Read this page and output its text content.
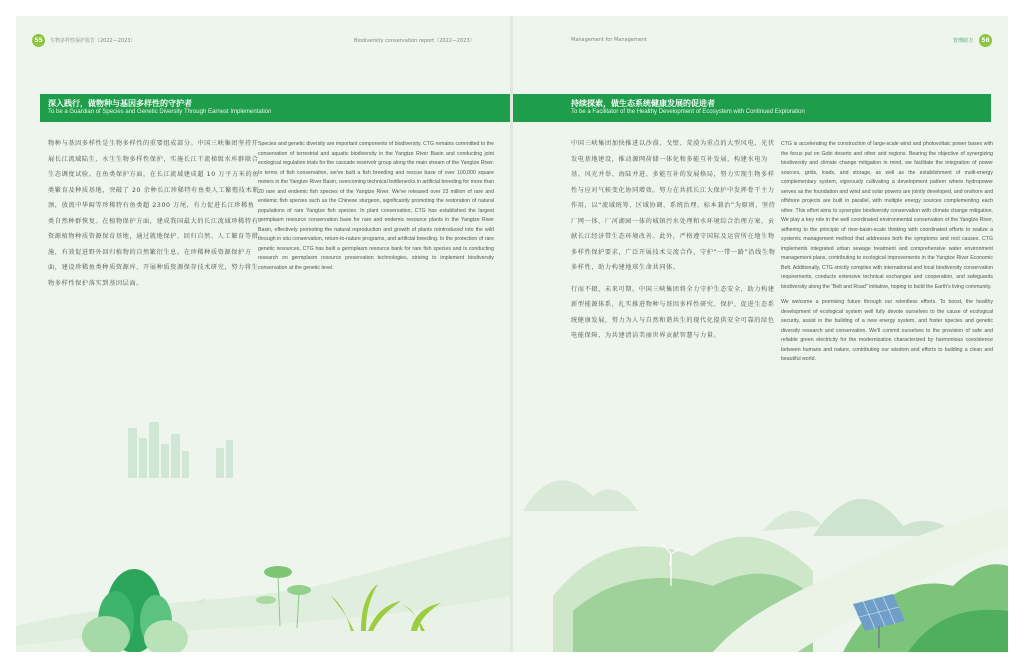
55	生物多样性保护报告（2022—2023）	Biodiversity conservation report（2022—2023）

物种与基因多样性是生物多样性的重要组成部分。中国三峡集团坚持开展长江流域陆生、水生生物多样性保护，实施长江干流梯级水库群联合生态调度试验。在鱼类保护方面，在长江流域建成超 10 万平方米的鱼类繁育及种质基地，突破了 20 余种长江珍稀特有鱼类人工繁殖技术瓶颈，放流中华鲟等珍稀特有鱼类超 2300 万尾，有力促进长江珍稀鱼类自然种群恢复。在植物保护方面，建成我国最大的长江流域珍稀特有资源植物种质资源保育基地，通过就地保护、回归自然、人工繁育等措施，有效促进野外回归植物的自然繁衍生息。在珍稀种质资源保护方面，建设珍稀鱼类种质资源库，开展种质资源保存技术研究，努力将生物多样性保护落实到基因层面。

Species and genetic diversity are important components of biodiversity. CTG remains committed to the conservation of terrestrial and aquatic biodiversity in the Yangtze River Basin and conducting joint ecological regulation trials for the cascade reservoir group along the main stream of the Yangtze River. In terms of fish conservation, we've built a fish breeding and rescue base of over 100,000 square meters in the Yangtze River Basin, overcoming technical bottlenecks in artificial breeding for more than 20 rare and endemic fish species of the Yangtze River. We've released over 23 million of rare and endemic fish species such as the Chinese sturgeon, significantly promoting the restoration of natural populations of rare Yangtze fish species. In plant conservation, CTG has established the largest germplasm resource conservation base for rare and endemic resource plants in the Yangtze River Basin, effectively promoting the natural reproduction and growth of plants reintroduced into the wild through in situ conservation, return-to-nature programs, and artificial breeding. In the protection of rare genetic resources, CTG has built a germplasm resource bank for rare fish species and is conducting research on germplasm resource preservation technologies, striving to implement biodiversity conservation at the genetic level.

深入践行，做物种与基因多样性的守护者
To be a Guardian of Species and Genetic Diversity Through Earnest Implementation
Management for Management	管理助力	56

中国三峡集团加快推进以沙漠、戈壁、荒漠为重点的大型风电、光伏发电基地建设，推动源网荷储一体化和多能互补发展，构建水电为基、风光并举、海陆并进、多能互补的发展格局，努力实现生物多样性与应对气候变化协同增效。努力在共抓长江大保护中发挥骨干主力作用，以“流域统筹、区域协调、系统治理、标本兼治”为原则，坚持厂网一体、厂河湖园一体的城镇污水处理和水环境综合治理方案，贡献长江经济带生态环境改善。此外，严格遵守国际及运营所在地生物多样性保护要求，广泛开展技术交流合作，守护“一带一路”沿线生物多样性，助力构建地球生命共同体。

行而不辍，未来可期。中国三峡集团将全力守护生态安全，助力构建新型能源体系，扎实推进物种与基因多样性研究、保护，促进生态系统健康发展，努力为人与自然和谐共生的现代化提供安全可靠的绿色电能保障，为共建清洁美丽世界贡献智慧与力量。

CTG is accelerating the construction of large-scale wind and photovoltaic power bases with the focus put on Gobi deserts and other arid regions. Bearing the objective of synergizing biodiversity and climate change mitigation in mind, we facilitate the integration of power sources, grids, loads, and storage, as well as the establishment of multi-energy complementary system, vigorously cultivating a development pattern where hydropower serves as the foundation and wind and solar powers are jointly developed, and onshore and offshore projects are built in parallel, with multiple energy sources complementing each other. This effort aims to synergize biodiversity conservation with climate change mitigation. We play a key role in the well coordinated environmental conservation of the Yangtze River, adhering to the principle of river-basin-scale thinking with coordinated efforts to realize a systemic management method that addresses both the symptoms and root causes. CTG implements integrated urban sewage treatment and comprehensive water environment management plans, contributing to ecological improvements in the Yangtze River Economic Belt. Additionally, CTG strictly complies with international and local biodiversity conservation requirements, conducts extensive technical exchanges and cooperation, and safeguards biodiversity along the “Belt and Road” Initiative, hoping to build the Earth's living community.

We welcome a promising future through our relentless efforts. To boost, the healthy development of ecological system well fully devote ourselves to the cause of ecological security, assist in the building of a new energy system, and foster species and genetic diversity research and conservation. We'll commit ourselves to the provision of safe and reliable green electricity for the modernization characterized by harmonious coexistence between humans and nature, contributing our wisdom and efforts to building a clean and beautiful world.

持续探索，做生态系统健康发展的促进者
To be a Facilitator of the Healthy Development of Ecosystem with Continued Exploration
